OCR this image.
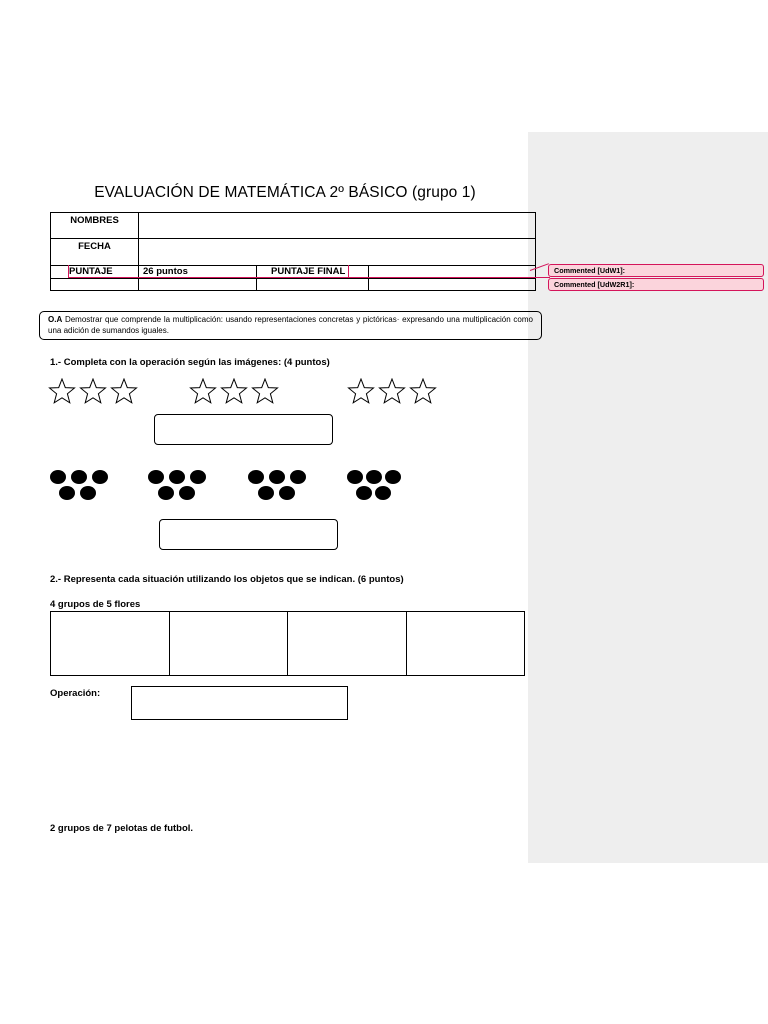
EVALUACIÓN DE MATEMÁTICA 2º BÁSICO (grupo 1)
NOMBRES			
FECHA			
PUNTAJE	26 puntos	PUNTAJE FINAL	
				Commented [UdW1]:
Commented [UdW2R1]:
O.A Demostrar que comprende la multiplicación: usando representaciones concretas y pictóricas· expresando una multiplicación como una adición de sumandos iguales.
1.- Completa con la operación según las imágenes: (4 puntos)
2.- Representa cada situación utilizando los objetos que se indican. (6 puntos)
4 grupos de 5 flores

Operación:
2 grupos de 7 pelotas de futbol.
